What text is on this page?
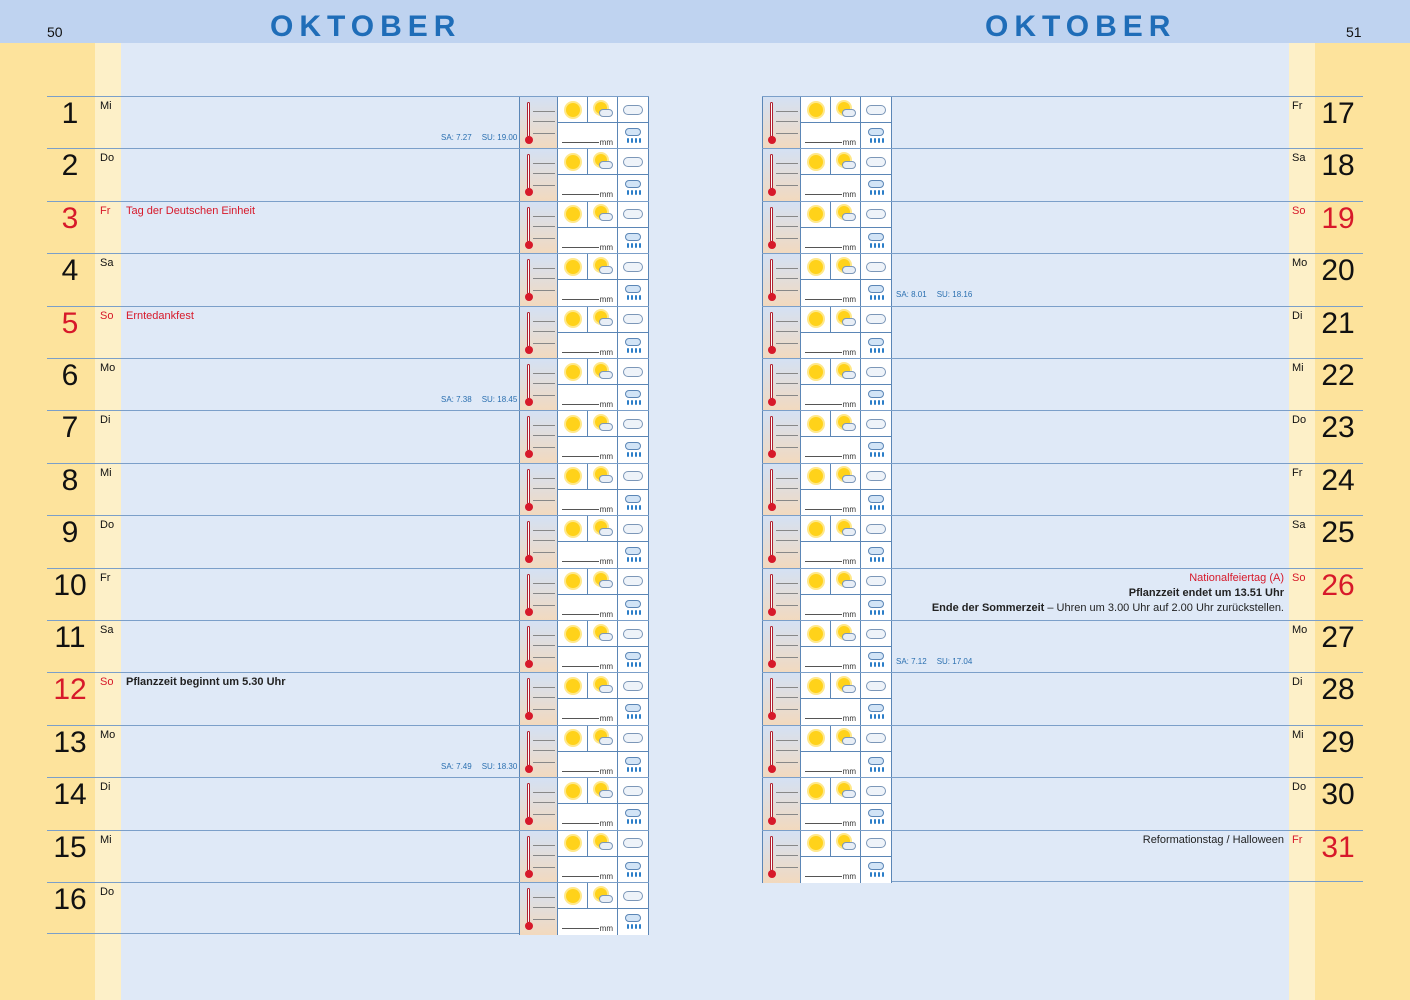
50	OKTOBER	OKTOBER	51
1	Mi
SA: 7.27 SU: 19.00
mm
2	Do
mm
3	Fr Tag der Deutschen Einheit
mm
4	Sa
mm
5	So Erntedankfest
mm
6	Mo
SA: 7.38 SU: 18.45
mm
7	Di
mm
8	Mi
mm
9	Do
mm
10	Fr
mm
11	Sa
mm
12	So Pflanzzeit beginnt um 5.30 Uhr
mm
13	Mo
SA: 7.49 SU: 18.30
mm
14	Di
mm
15	Mi
mm
16	Do
mm
mm
Fr 17
mm
Sa 18
mm
So 19
mm
Mo 20
SA: 8.01 SU: 18.16
mm
Di 21
mm
Mi 22
mm
Do 23
mm
Fr 24
mm
Sa 25
mm
So 26
Nationalfeiertag (A)
Pflanzzeit endet um 13.51 Uhr
Ende der Sommerzeit – Uhren um 3.00 Uhr auf 2.00 Uhr zurückstellen.
mm
Mo 27
SA: 7.12 SU: 17.04
mm
Di 28
mm
Mi 29
mm
Do 30
mm
Fr 31
Reformationstag / Halloween
